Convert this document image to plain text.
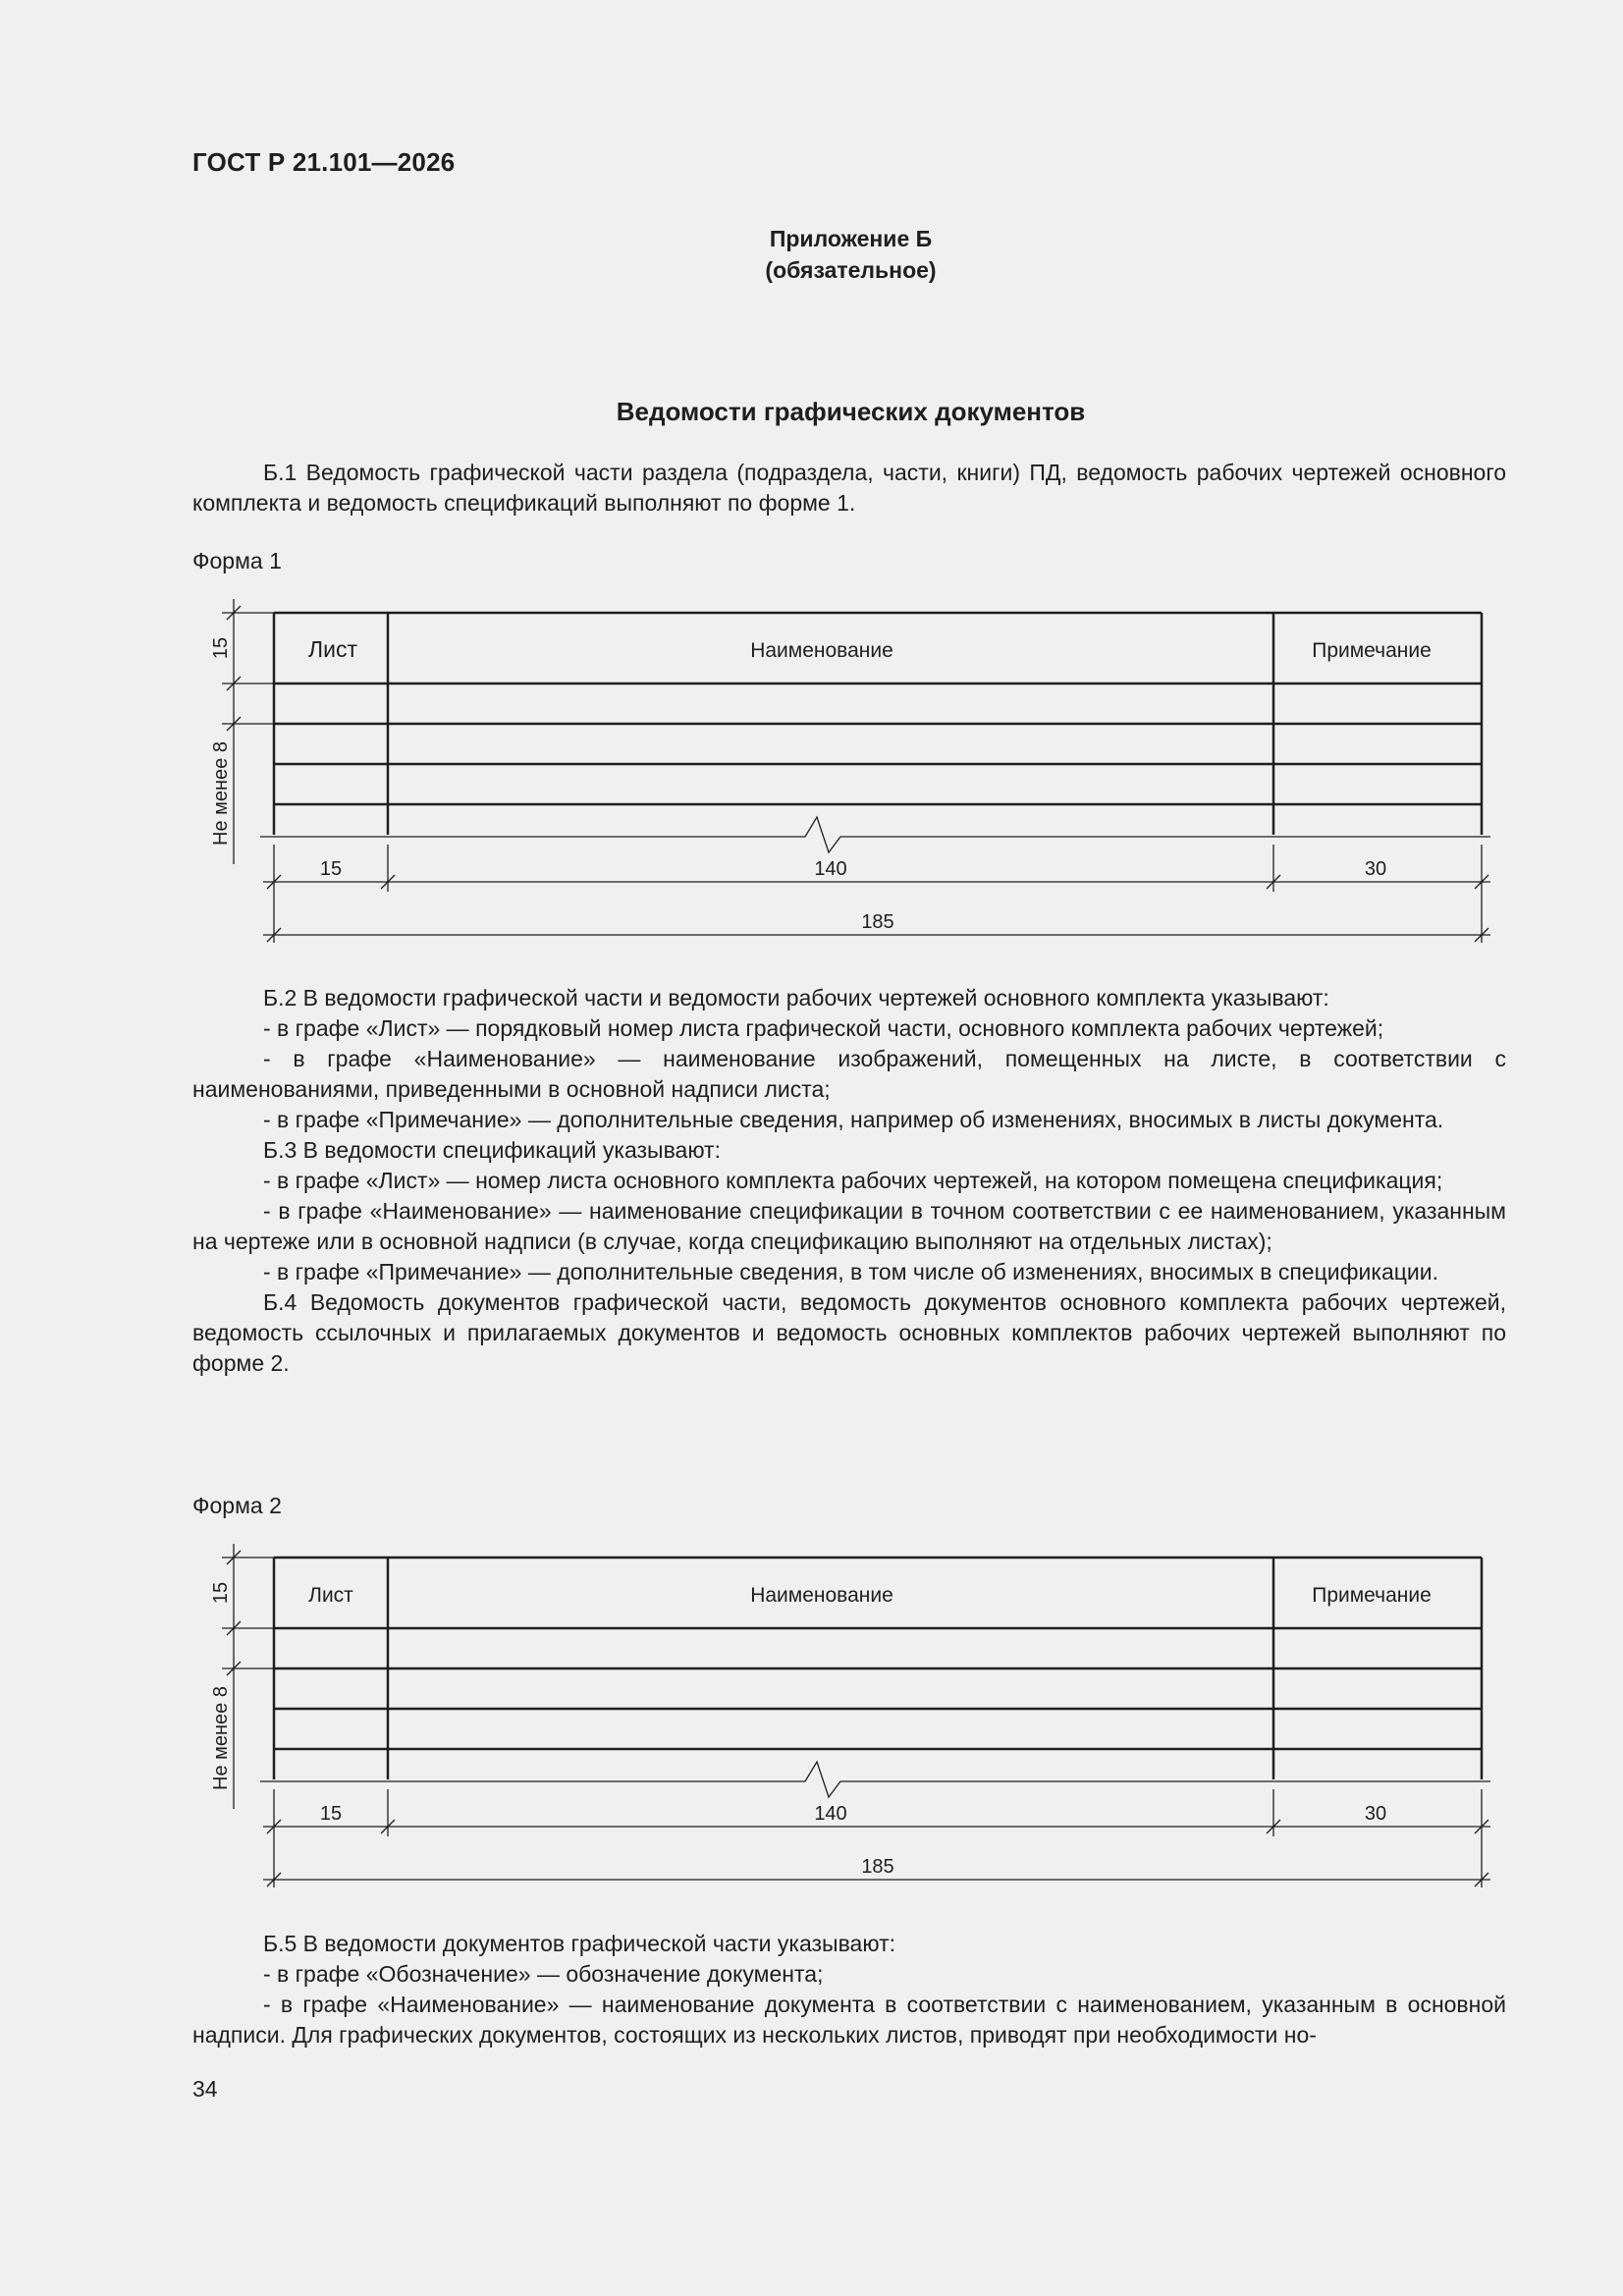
ГОСТ Р 21.101—2026
Приложение Б
(обязательное)
Ведомости графических документов

Б.1 Ведомость графической части раздела (подраздела, части, книги) ПД, ведомость рабочих чертежей основного комплекта и ведомость спецификаций выполняют по форме 1.

Форма 1
Лист	Наименование	Примечание
15
Не менее 8
15	140	30
185

Б.2 В ведомости графической части и ведомости рабочих чертежей основного комплекта указывают:

- в графе «Лист» — порядковый номер листа графической части, основного комплекта рабочих чертежей;

- в графе «Наименование» — наименование изображений, помещенных на листе, в соответствии с наименованиями, приведенными в основной надписи листа;

- в графе «Примечание» — дополнительные сведения, например об изменениях, вносимых в листы документа.

Б.3 В ведомости спецификаций указывают:

- в графе «Лист» — номер листа основного комплекта рабочих чертежей, на котором помещена спецификация;

- в графе «Наименование» — наименование спецификации в точном соответствии с ее наименованием, указанным на чертеже или в основной надписи (в случае, когда спецификацию выполняют на отдельных листах);

- в графе «Примечание» — дополнительные сведения, в том числе об изменениях, вносимых в спецификации.

Б.4 Ведомость документов графической части, ведомость документов основного комплекта рабочих чертежей, ведомость ссылочных и прилагаемых документов и ведомость основных комплектов рабочих чертежей выполняют по форме 2.

Форма 2
Лист	Наименование	Примечание
15
Не менее 8
15	140	30
185

Б.5 В ведомости документов графической части указывают:

- в графе «Обозначение» — обозначение документа;

- в графе «Наименование» — наименование документа в соответствии с наименованием, указанным в основной надписи. Для графических документов, состоящих из нескольких листов, приводят при необходимости но-

34
